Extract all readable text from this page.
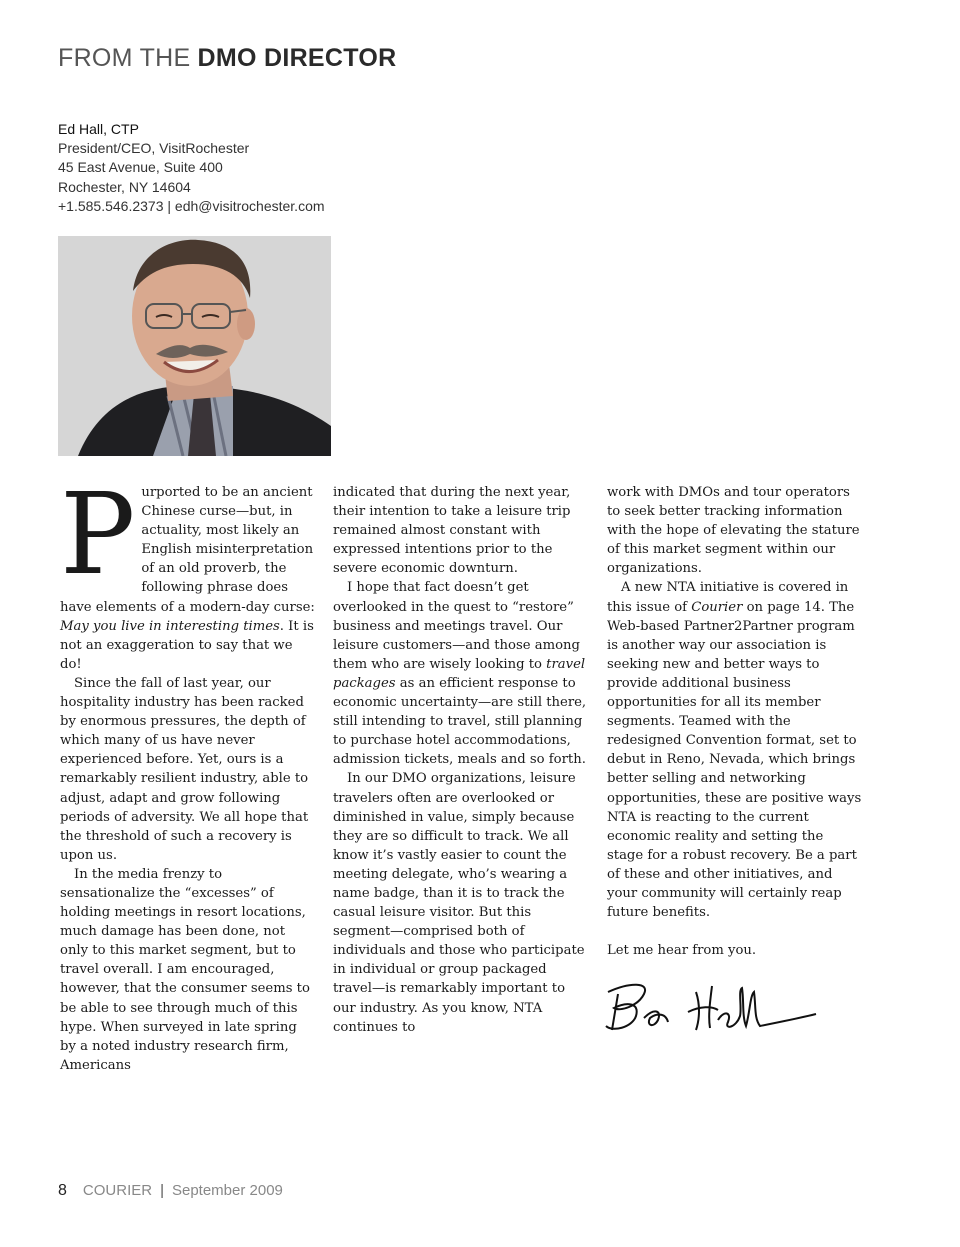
FROM THE DMO DIRECTOR
Ed Hall, CTP
President/CEO, VisitRochester
45 East Avenue, Suite 400
Rochester, NY 14604
+1.585.546.2373 | edh@visitrochester.com
P urported to be an ancient Chinese curse—but, in actuality, most likely an English misinterpretation of an old proverb, the following phrase does have elements of a modern-day curse: May you live in interesting times. It is not an exaggeration to say that we do!

Since the fall of last year, our hospitality industry has been racked by enormous pressures, the depth of which many of us have never experienced before. Yet, ours is a remarkably resilient industry, able to adjust, adapt and grow following periods of adversity. We all hope that the threshold of such a recovery is upon us.

In the media frenzy to sensationalize the “excesses” of holding meetings in resort locations, much damage has been done, not only to this market segment, but to travel overall. I am encouraged, however, that the consumer seems to be able to see through much of this hype. When surveyed in late spring by a noted industry research firm, Americans

indicated that during the next year, their intention to take a leisure trip remained almost constant with expressed intentions prior to the severe economic downturn.

I hope that fact doesn’t get overlooked in the quest to “restore” business and meetings travel. Our leisure customers—and those among them who are wisely looking to travel packages as an efficient response to economic uncertainty—are still there, still intending to travel, still planning to purchase hotel accommodations, admission tickets, meals and so forth.

In our DMO organizations, leisure travelers often are overlooked or diminished in value, simply because they are so difficult to track. We all know it’s vastly easier to count the meeting delegate, who’s wearing a name badge, than it is to track the casual leisure visitor. But this segment—comprised both of individuals and those who participate in individual or group packaged travel—is remarkably important to our industry. As you know, NTA continues to

work with DMOs and tour operators to seek better tracking information with the hope of elevating the stature of this market segment within our organizations.

A new NTA initiative is covered in this issue of Courier on page 14. The Web-based Partner2Partner program is another way our association is seeking new and better ways to provide additional business opportunities for all its member segments. Teamed with the redesigned Convention format, set to debut in Reno, Nevada, which brings better selling and networking opportunities, these are positive ways NTA is reacting to the current economic reality and setting the stage for a robust recovery. Be a part of these and other initiatives, and your community will certainly reap future benefits.

Let me hear from you.

8 COURIER | September 2009
